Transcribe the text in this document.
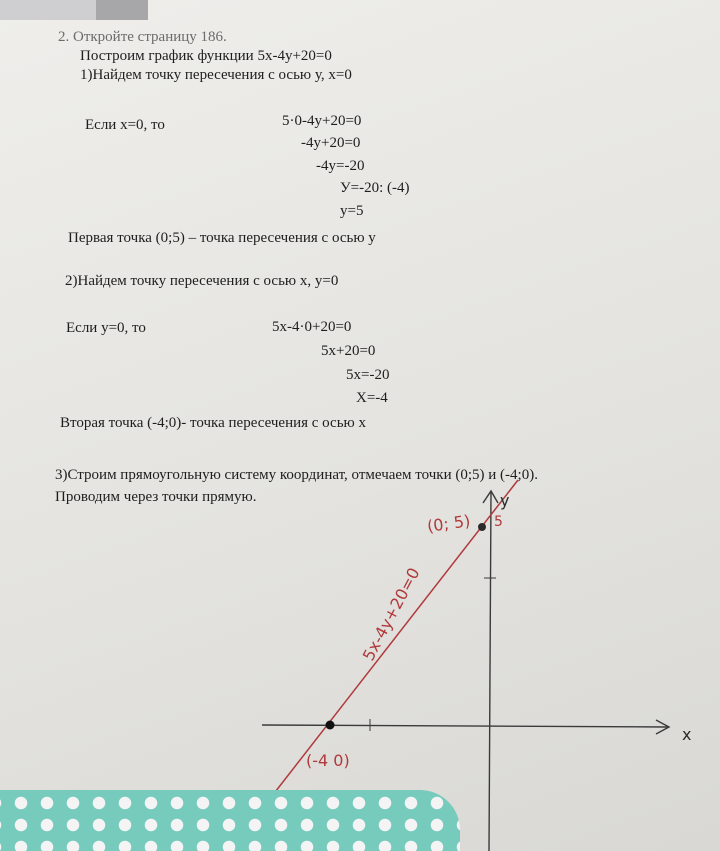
2. Откройте страницу 186.
Построим график функции 5х-4у+20=0
1)Найдем точку пересечения с осью у, х=0
Если х=0, то	5·0-4у+20=0
-4у+20=0
-4у=-20
У=-20: (-4)
у=5
Первая точка (0;5) – точка пересечения с осью у
2)Найдем точку пересечения с осью х, у=0
Если у=0, то	5х-4·0+20=0
5х+20=0
5х=-20
Х=-4
Вторая точка (-4;0)- точка пересечения с осью х
3)Строим прямоугольную систему координат, отмечаем точки (0;5) и (-4;0).
Проводим через точки прямую.
(0; 5) 5
(-4 0)
5х-4у+20=0
у
х
